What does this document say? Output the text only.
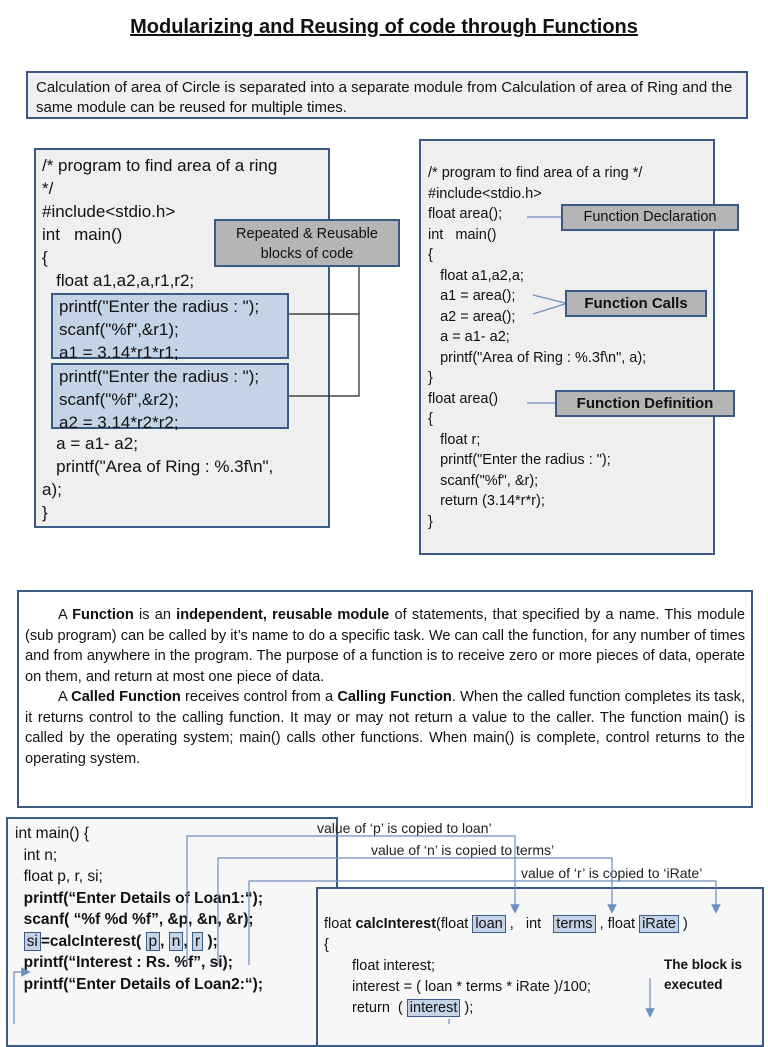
Modularizing and Reusing of code through Functions
Calculation of area of Circle is separated into a separate module from Calculation of area of Ring and the same module can be reused for multiple times.
/* program to find area of a ring
*/
#include<stdio.h>
int   main()
{
float a1,a2,a,r1,r2;
printf("Enter the radius : ");
scanf("%f",&r1);
a1 = 3.14*r1*r1;
printf("Enter the radius : ");
scanf("%f",&r2);
a2 = 3.14*r2*r2;
a = a1- a2;
printf("Area of Ring : %.3f\n",
a);
}
Repeated & Reusable blocks of code
/* program to find area of a ring */
#include<stdio.h>
float area();
int   main()
{
float a1,a2,a;
a1 = area();
a2 = area();
a = a1- a2;
printf("Area of Ring : %.3f\n", a);
}
float area()
{
float r;
printf("Enter the radius : ");
scanf("%f", &r);
return (3.14*r*r);
}
Function Declaration
Function Calls
Function Definition

A Function is an independent, reusable module of statements, that specified by a name. This module (sub program) can be called by it’s name to do a specific task. We can call the function, for any number of times and from anywhere in the program. The purpose of a function is to receive zero or more pieces of data, operate on them, and return at most one piece of data.

A Called Function receives control from a Calling Function. When the called function completes its task, it returns control to the calling function. It may or may not return a value to the caller. The function main() is called by the operating system; main() calls other functions. When main() is complete, control returns to the operating system.

int main() {
int n;
float p, r, si;
printf(“Enter Details of Loan1:“);
scanf( “%f %d %f”, &p, &n, &r);
si =calcInterest( p , n , r );
printf(“Interest : Rs. %f”, si);
printf(“Enter Details of Loan2:“);
float calcInterest(float loan ,   int   terms , float iRate )
{
float interest;
interest = ( loan * terms * iRate )/100;
return  ( interest );
The block is executed
value of ‘p’ is copied to loan’
value of ‘n’ is copied to terms’
value of ‘r’ is copied to ‘iRate’
